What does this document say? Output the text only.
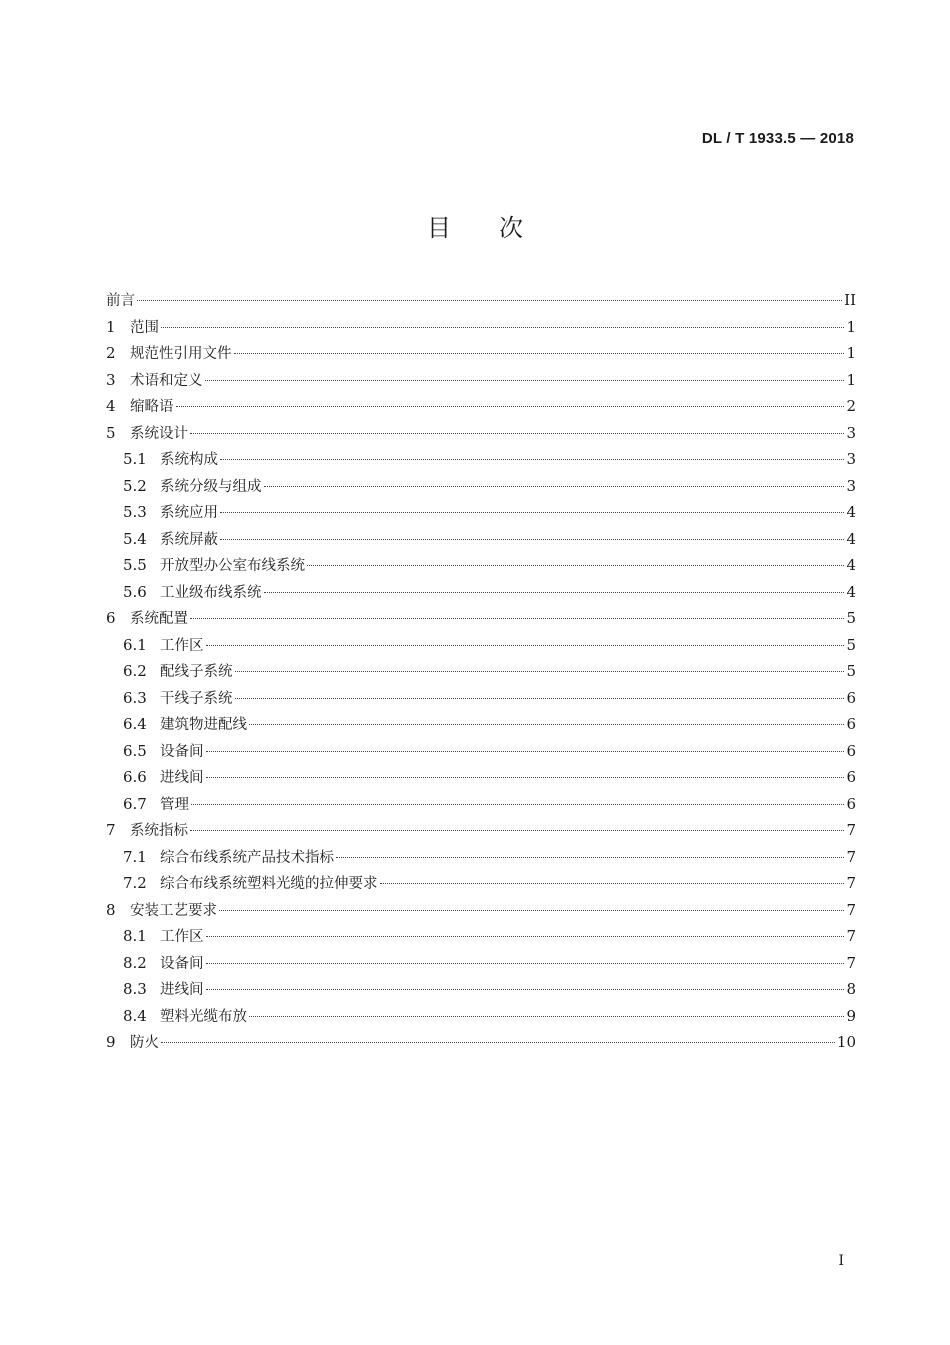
DL / T 1933.5 — 2018
目 次
前言	II
1 范围	1
2 规范性引用文件	1
3 术语和定义	1
4 缩略语	2
5 系统设计	3
5.1 系统构成	3
5.2 系统分级与组成	3
5.3 系统应用	4
5.4 系统屏蔽	4
5.5 开放型办公室布线系统	4
5.6 工业级布线系统	4
6 系统配置	5
6.1 工作区	5
6.2 配线子系统	5
6.3 干线子系统	6
6.4 建筑物进配线	6
6.5 设备间	6
6.6 进线间	6
6.7 管理	6
7 系统指标	7
7.1 综合布线系统产品技术指标	7
7.2 综合布线系统塑料光缆的拉伸要求	7
8 安装工艺要求	7
8.1 工作区	7
8.2 设备间	7
8.3 进线间	8
8.4 塑料光缆布放	9
9 防火	10
I
